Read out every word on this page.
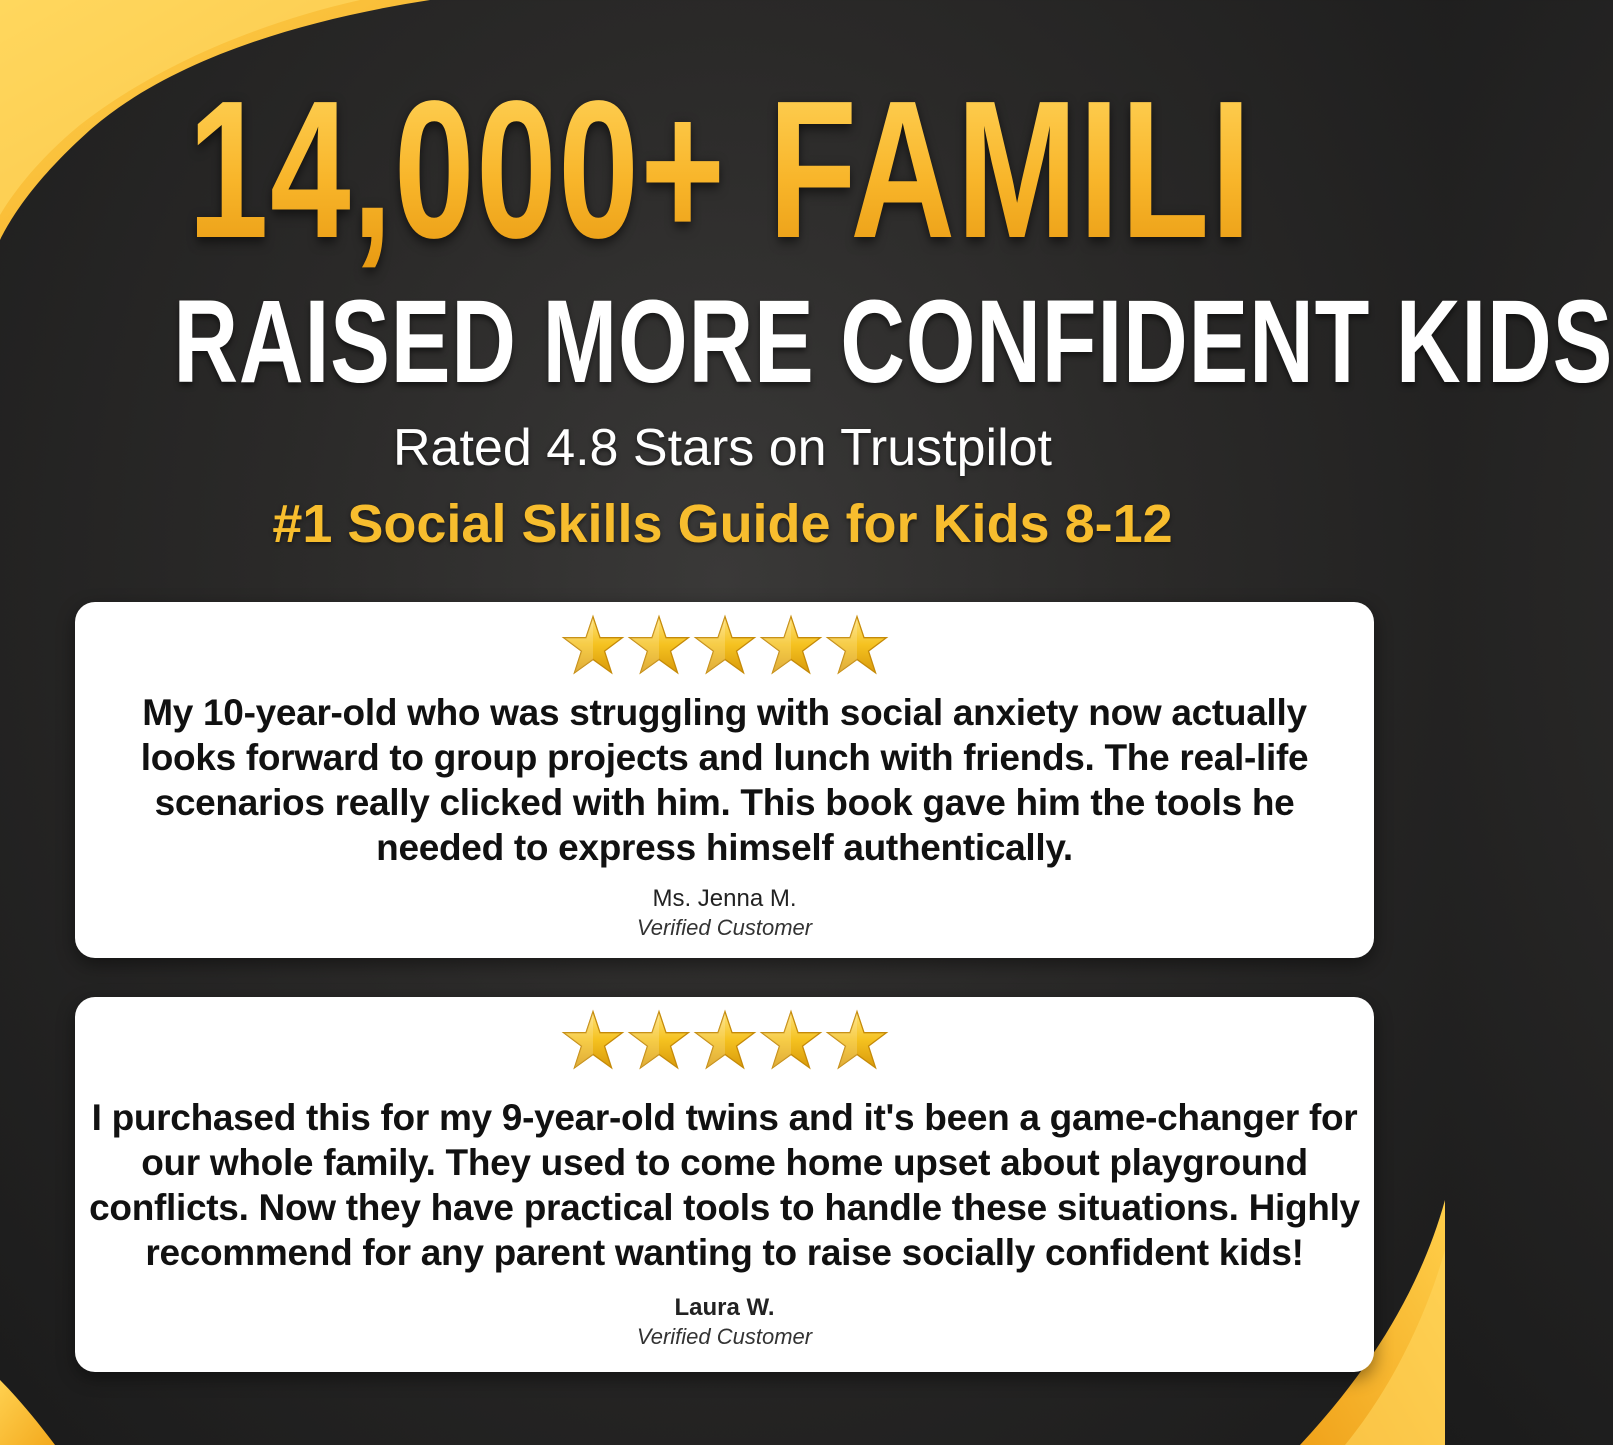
14,000+ FAMILIES
RAISED MORE CONFIDENT KIDS
Rated 4.8 Stars on Trustpilot
#1 Social Skills Guide for Kids 8-12
My 10-year-old who was struggling with social anxiety now actually looks forward to group projects and lunch with friends. The real-life scenarios really clicked with him. This book gave him the tools he needed to express himself authentically.
Ms. Jenna M.
Verified Customer
I purchased this for my 9-year-old twins and it's been a game-changer for our whole family. They used to come home upset about playground conflicts. Now they have practical tools to handle these situations. Highly recommend for any parent wanting to raise socially confident kids!
Laura W.
Verified Customer
